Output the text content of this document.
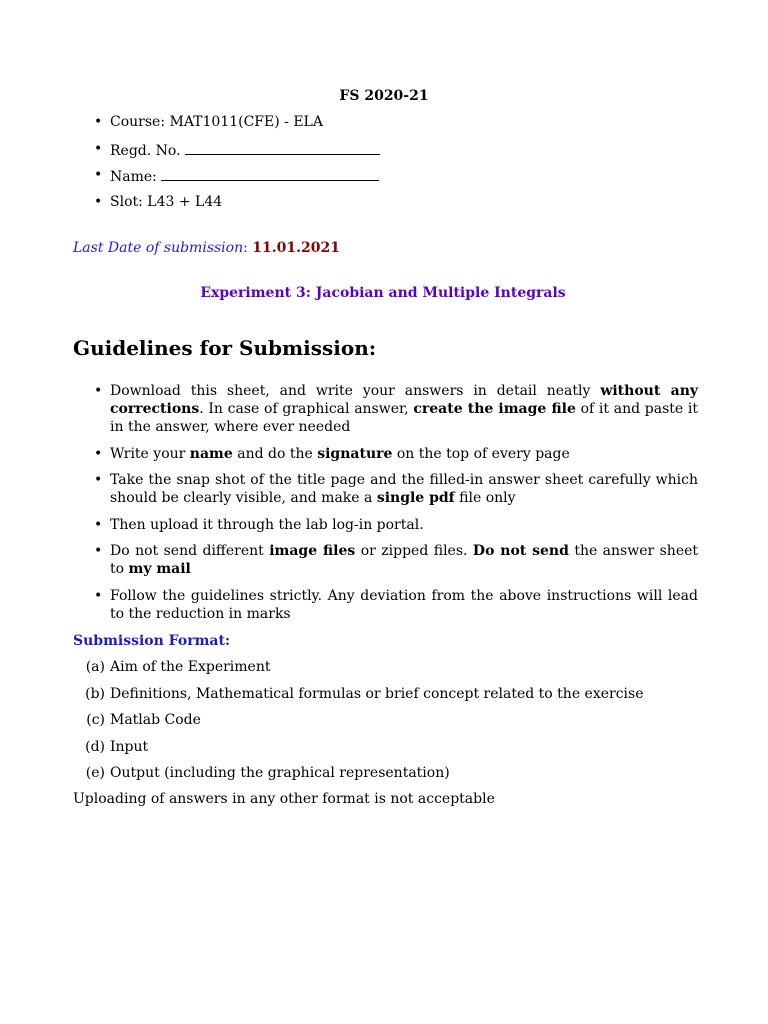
FS 2020-21
• Course: MAT1011(CFE) - ELA
• Regd. No.
• Name:
• Slot: L43 + L44
Last Date of submission: 11.01.2021
Experiment 3: Jacobian and Multiple Integrals
Guidelines for Submission:
• Download this sheet, and write your answers in detail neatly without any corrections. In case of graphical answer, create the image file of it and paste it in the answer, where ever needed
• Write your name and do the signature on the top of every page
• Take the snap shot of the title page and the filled-in answer sheet carefully which should be clearly visible, and make a single pdf file only
• Then upload it through the lab log-in portal.
• Do not send different image files or zipped files. Do not send the answer sheet to my mail
• Follow the guidelines strictly. Any deviation from the above instructions will lead to the reduction in marks
Submission Format:
(a) Aim of the Experiment
(b) Definitions, Mathematical formulas or brief concept related to the exercise
(c) Matlab Code
(d) Input
(e) Output (including the graphical representation)
Uploading of answers in any other format is not acceptable
